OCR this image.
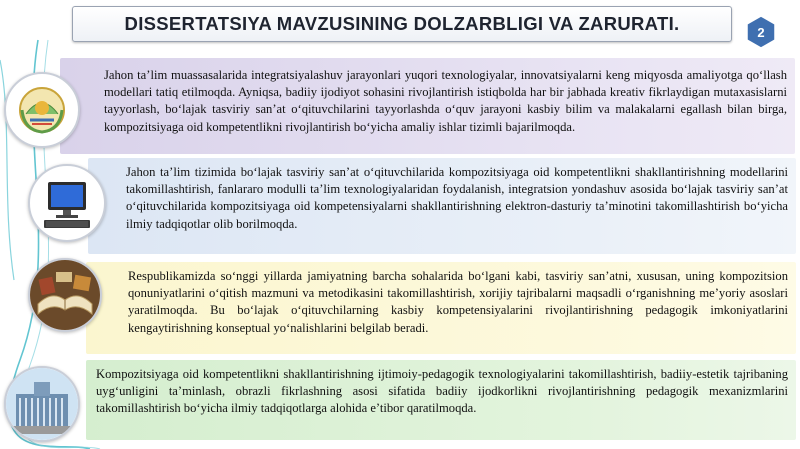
DISSERTATSIYA MAVZUSINING DOLZARBLIGI VA ZARURATI.	2

Jahon ta’lim muassasalarida integratsiyalashuv jarayonlari yuqori texnologiyalar, innovatsiyalarni keng miqyosda amaliyotga qo‘llash modellari tatiq etilmoqda. Ayniqsa, badiiy ijodiyot sohasini rivojlantirish istiqbolda har bir jabhada kreativ fikrlaydigan mutaxasislarni tayyorlash, bo‘lajak tasviriy san’at o‘qituvchilarini tayyorlashda o‘quv jarayoni kasbiy bilim va malakalarni egallash bilan birga, kompozitsiyaga oid kompetentlikni rivojlantirish bo‘yicha amaliy ishlar tizimli bajarilmoqda.

Jahon ta’lim tizimida bo‘lajak tasviriy san’at o‘qituvchilarida kompozitsiyaga oid kompetentlikni shakllantirishning modellarini takomillashtirish, fanlararo modulli ta’lim texnologiyalaridan foydalanish, integratsion yondashuv asosida bo‘lajak tasviriy san’at o‘qituvchilarida kompozitsiyaga oid kompetensiyalarni shakllantirishning elektron-dasturiy ta’minotini takomillashtirish bo‘yicha ilmiy tadqiqotlar olib borilmoqda.

Respublikamizda so‘nggi yillarda jamiyatning barcha sohalarida bo‘lgani kabi, tasviriy san’atni, xususan, uning kompozitsion qonuniyatlarini o‘qitish mazmuni va metodikasini takomillashtirish, xorijiy tajribalarni maqsadli o‘rganishning me’yoriy asoslari yaratilmoqda. Bu bo‘lajak o‘qituvchilarning kasbiy kompetensiyalarini rivojlantirishning pedagogik imkoniyatlarini kengaytirishning konseptual yo‘nalishlarini belgilab beradi.

Kompozitsiyaga oid kompetentlikni shakllantirishning ijtimoiy-pedagogik texnologiyalarini takomillashtirish, badiiy-estetik tajribaning uyg‘unligini ta’minlash, obrazli fikrlashning asosi sifatida badiiy ijodkorlikni rivojlantirishning pedagogik mexanizmlarini takomillashtirish bo‘yicha ilmiy tadqiqotlarga alohida e’tibor qaratilmoqda.
